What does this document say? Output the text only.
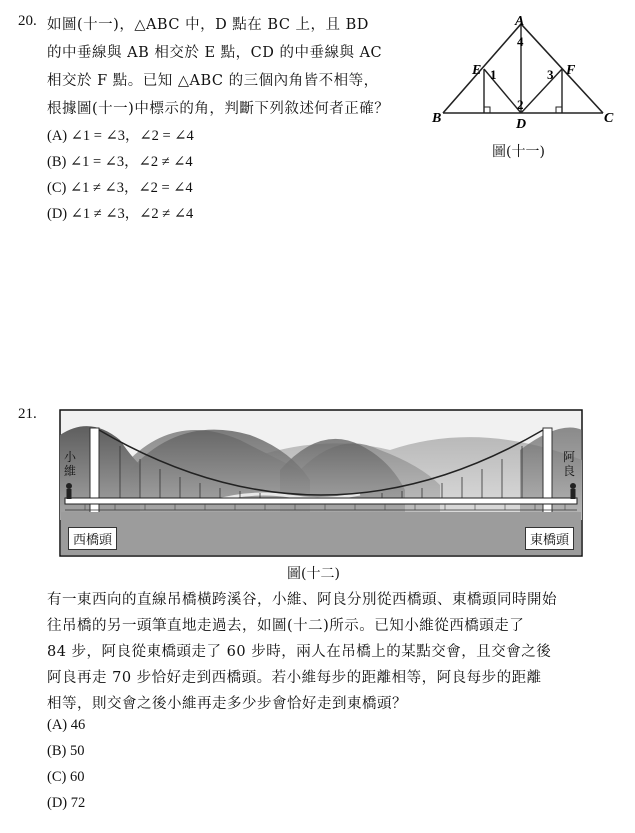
20. 如圖(十一)，△ABC 中，D 點在 BC 上，且 BD
的中垂線與 AB 相交於 E 點，CD 的中垂線與 AC
相交於 F 點。已知 △ABC 的三個內角皆不相等，
根據圖(十一)中標示的角，判斷下列敘述何者正確？
(A) ∠1 = ∠3，∠2 = ∠4
(B) ∠1 = ∠3，∠2 ≠ ∠4
(C) ∠1 ≠ ∠3，∠2 = ∠4
(D) ∠1 ≠ ∠3，∠2 ≠ ∠4
A
B	C
D
E	F
1
2
3
4
圖(十一)
21.
小維
阿良
西橋頭	東橋頭
圖(十二)
有一東西向的直線吊橋橫跨溪谷，小維、阿良分別從西橋頭、東橋頭同時開始
往吊橋的另一頭筆直地走過去，如圖(十二)所示。已知小維從西橋頭走了
84 步，阿良從東橋頭走了 60 步時，兩人在吊橋上的某點交會，且交會之後
阿良再走 70 步恰好走到西橋頭。若小維每步的距離相等，阿良每步的距離
相等，則交會之後小維再走多少步會恰好走到東橋頭？
(A) 46
(B) 50
(C) 60
(D) 72
